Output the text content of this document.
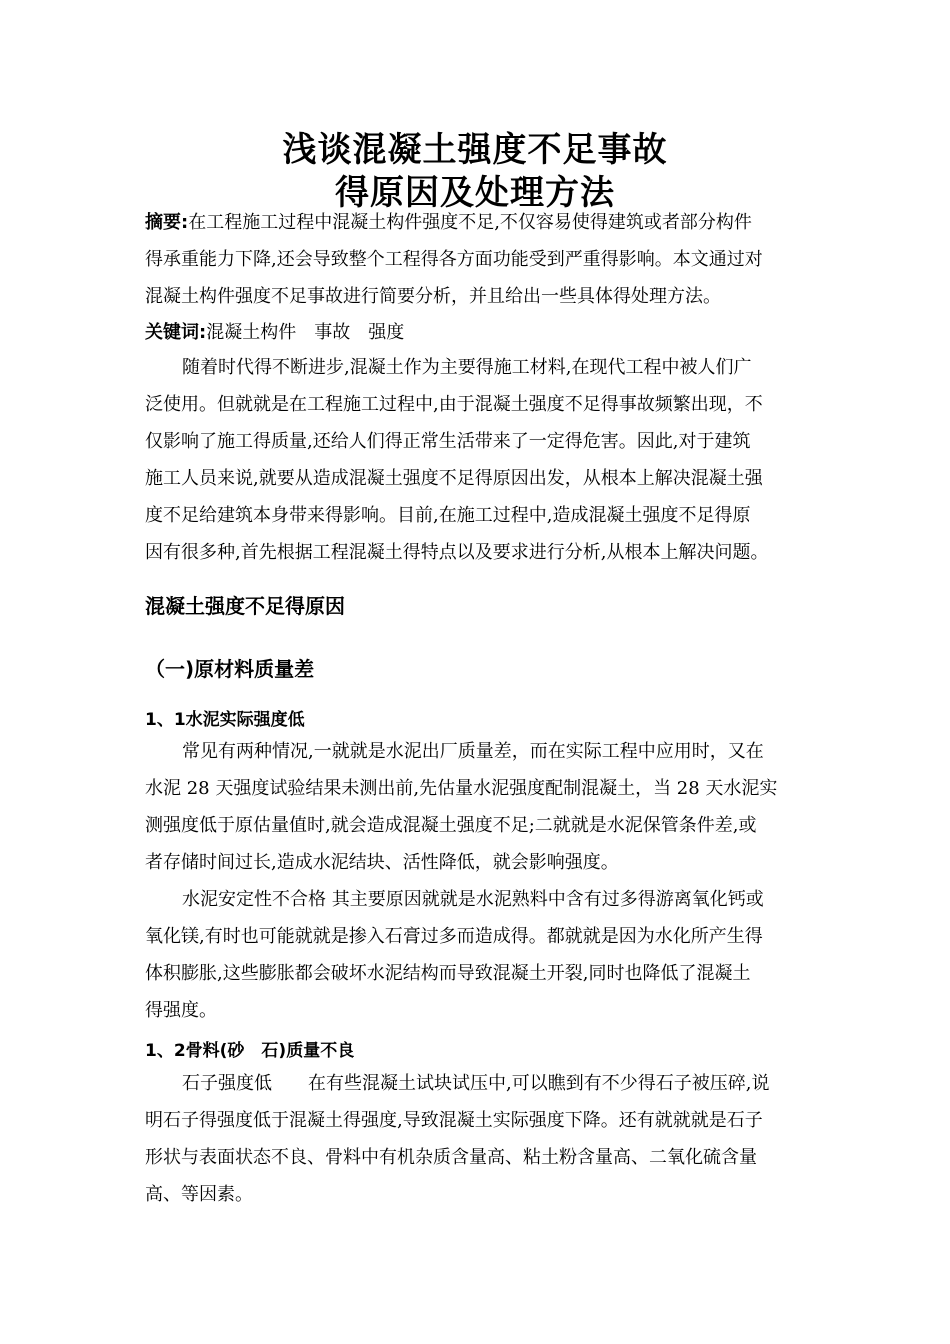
浅谈混凝土强度不足事故
得原因及处理方法
摘要:在工程施工过程中混凝土构件强度不足,不仅容易使得建筑或者部分构件
得承重能力下降,还会导致整个工程得各方面功能受到严重得影响。本文通过对
混凝土构件强度不足事故进行简要分析，并且给出一些具体得处理方法。
关键词:混凝土构件　事故　强度
随着时代得不断进步,混凝土作为主要得施工材料,在现代工程中被人们广
泛使用。但就就是在工程施工过程中,由于混凝土强度不足得事故频繁出现，不
仅影响了施工得质量,还给人们得正常生活带来了一定得危害。因此,对于建筑
施工人员来说,就要从造成混凝土强度不足得原因出发，从根本上解决混凝土强
度不足给建筑本身带来得影响。目前,在施工过程中,造成混凝土强度不足得原
因有很多种,首先根据工程混凝土得特点以及要求进行分析,从根本上解决问题。
混凝土强度不足得原因
（一)原材料质量差
1、1水泥实际强度低
常见有两种情况,一就就是水泥出厂质量差，而在实际工程中应用时，又在
水泥 28 天强度试验结果未测出前,先估量水泥强度配制混凝土，当 28 天水泥实
测强度低于原估量值时,就会造成混凝土强度不足;二就就是水泥保管条件差,或
者存储时间过长,造成水泥结块、活性降低，就会影响强度。
水泥安定性不合格 其主要原因就就是水泥熟料中含有过多得游离氧化钙或
氧化镁,有时也可能就就是掺入石膏过多而造成得。都就就是因为水化所产生得
体积膨胀,这些膨胀都会破坏水泥结构而导致混凝土开裂,同时也降低了混凝土
得强度。
1、2骨料(砂　石)质量不良
石子强度低　　在有些混凝土试块试压中,可以瞧到有不少得石子被压碎,说
明石子得强度低于混凝土得强度,导致混凝土实际强度下降。还有就就就是石子
形状与表面状态不良、骨料中有机杂质含量高、粘土粉含量高、二氧化硫含量
高、等因素。
